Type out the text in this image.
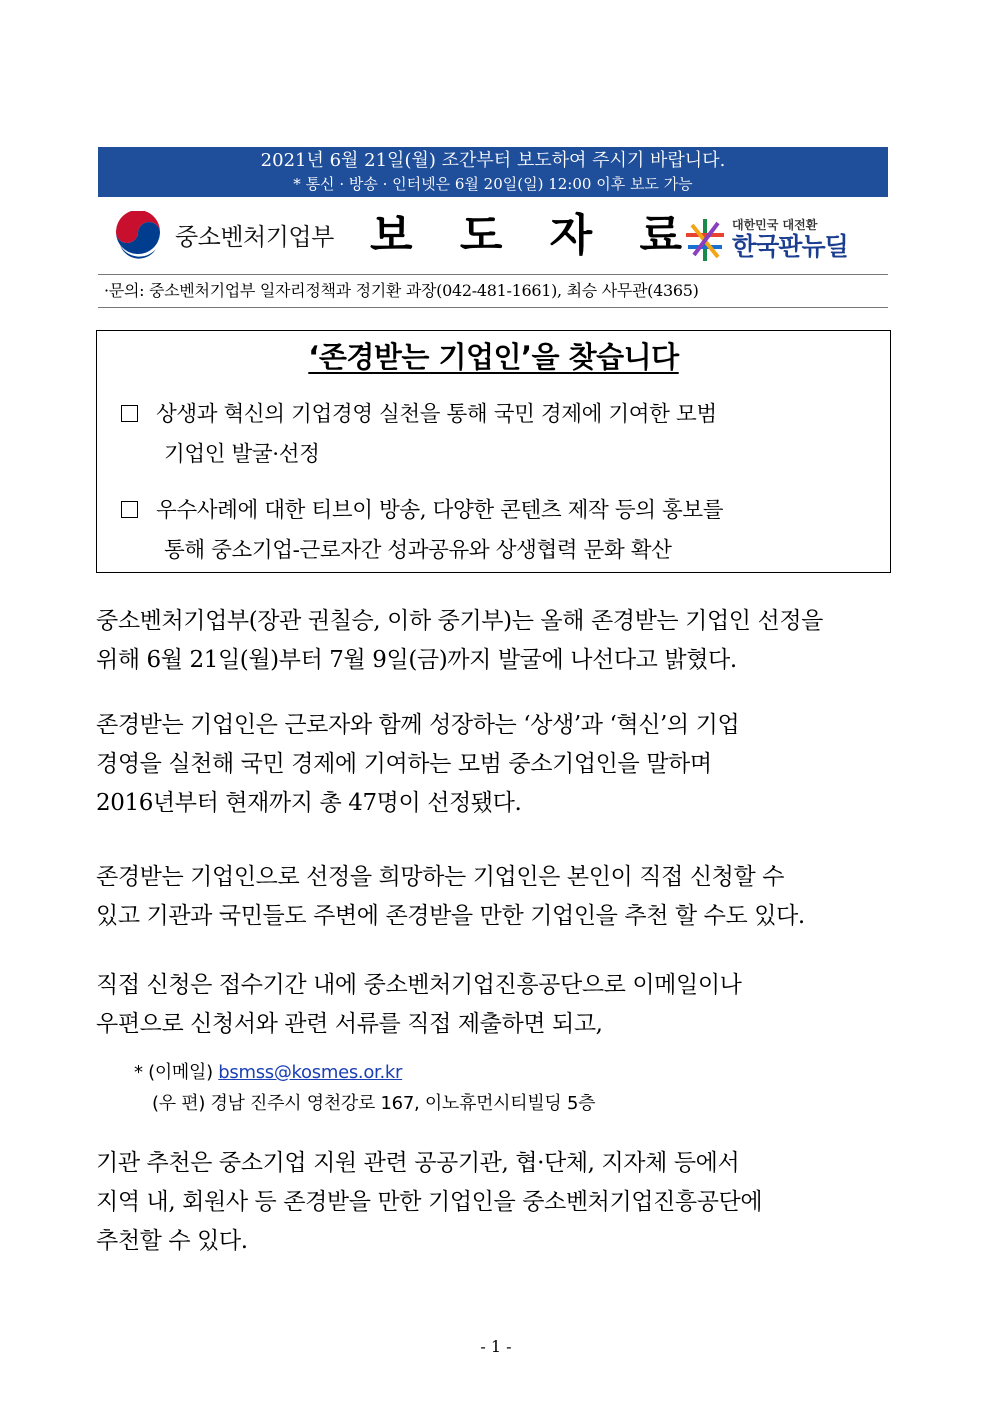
2021년 6월 21일(월) 조간부터 보도하여 주시기 바랍니다.
* 통신 · 방송 · 인터넷은 6월 20일(일) 12:00 이후 보도 가능
중소벤처기업부 보 도 자 료	대한민국 대전환
한국판뉴딜
·문의: 중소벤처기업부 일자리정책과 정기환 과장(042-481-1661), 최승 사무관(4365)
‘존경받는 기업인’을 찾습니다
상생과 혁신의 기업경영 실천을 통해 국민 경제에 기여한 모범
기업인 발굴·선정
우수사례에 대한 티브이 방송, 다양한 콘텐츠 제작 등의 홍보를
통해 중소기업-근로자간 성과공유와 상생협력 문화 확산
중소벤처기업부(장관 권칠승, 이하 중기부)는 올해 존경받는 기업인 선정을
위해 6월 21일(월)부터 7월 9일(금)까지 발굴에 나선다고 밝혔다.
존경받는 기업인은 근로자와 함께 성장하는 ‘상생’과 ‘혁신’의 기업
경영을 실천해 국민 경제에 기여하는 모범 중소기업인을 말하며
2016년부터 현재까지 총 47명이 선정됐다.
존경받는 기업인으로 선정을 희망하는 기업인은 본인이 직접 신청할 수
있고 기관과 국민들도 주변에 존경받을 만한 기업인을 추천 할 수도 있다.
직접 신청은 접수기간 내에 중소벤처기업진흥공단으로 이메일이나
우편으로 신청서와 관련 서류를 직접 제출하면 되고,
* (이메일) bsmss@kosmes.or.kr
(우 편) 경남 진주시 영천강로 167, 이노휴먼시티빌딩 5층
기관 추천은 중소기업 지원 관련 공공기관, 협·단체, 지자체 등에서
지역 내, 회원사 등 존경받을 만한 기업인을 중소벤처기업진흥공단에
추천할 수 있다.
- 1 -
